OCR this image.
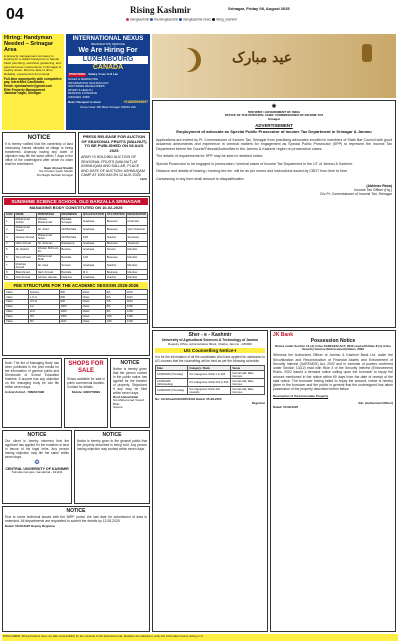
04	Rising Kashmir	Srinagar, Friday 08, August 2025
risingkashmir therisingkashmir risingkashmir.news rising_kashmir
Hiring: Handyman Needed – Srinagar Area
A property management company is looking for a skilled handyman to handle basic plumbing, electrical, gardening, and general house maintenance in Srinagar & nearby areas. Must be able to drive. Reliable, experienced & punctual.
Full-time opportunity with competitive pay. Interested Candidates
Email: epmkashmir@gmail.com
Elite Property Management
Jawahar nagar, Srinagar.
INTERNATIONAL NEXUS
IMMIGRATION SERVICE
We Are Hiring For
LUXEMBOURG
CANADA
POSITIONS	Salary 4 Lac to 8 Lac
SALES & MARKETING
INFORMATION TECHNOLOGY
SOFTWARE DEVELOPERS
SPORT & HEALTH
BANKING & FINANCE
AIRLINES JOBS
Note: Passport is must	+918899953697
Grover Near JSK Bank Srinagar 190001 J&K
عید مبارک
✺
भारत सरकार / GOVERNMENT OF INDIA
OFFICE OF THE PRINCIPAL CHIEF COMMISSIONER OF INCOME TAX
Srinagar
ADVERTISEMENT
Employment of advocate as Special Public Prosecutor of Income Tax Department in Srinagar & Jammu
Applications are invited by Pr. Commissioner of Income Tax, Srinagar from practicing advocates enrolled in members of State Bar Council with good academic antecedents and experience in criminal matters for engagement as Special Public Prosecutor (SPP) to represent the Income Tax Department before the Courts/Tribunal/Authorities in the Jammu & Kashmir region on prosecution cases.
The details of requirements for SPP may be seen in detailed notice.
Special Prosecutor to be engaged in prosecution / criminal cases of Income Tax Department in the UT of Jammu & Kashmir.
Distance and details of hearing / hearing fee etc. will be as per norms and instructions issued by CBDT from time to time.
Canvassing in any form shall amount to disqualification.
(Abhinav Rana)
Income Tax Officer (Hq.)
O/o Pr. Commissioner of Income Tax, Srinagar
NOTICE
It is hereby notified that the ownership of land measuring Kanals situated at village is being transferred. Anybody having any claim or objection may file the same within 7 days in the office of the undersigned after which no claim shall be entertained.
Nazir Ahmed Sheikh
S/o Ghulam Qadir Sheikh
R/o Baghi Mehtab Srinagar
PRESS RELEASE FOR AUCTION OF SEASONAL FRUITS (WALNUT) TO BE PUBLISHED ON 08 AUG 2025
ARMY IS HOLDING AUCTION OF SEASONAL FRUITS (WALNUT) AT ASHMUQAM AND SALLAR, PLACE AND DATE OF AUCTION: ASHMUQAM CAMP AT 1000 AM ON 12 AUG 2025.
112A
SUNSHINE SCIENCE SCHOOL OLD BARZALLA SRINAGAR
MANAGING BODY CONSTITUTED ON 10-02-2025
S.NO	NAME	PARENTAGE	RESIDENCE	QUALIFICATION	OCCUPATION	DESIGNATION
1	Mohammad Ashraf	Ghulam Mohammad	Barzalla Srinagar	Graduate	Business	Chairman
2	Mohammad Yousuf	Ab. Ahad	Old Barzalla	Graduate	Business	Vice Chairman
3	Ghulam Ahmad	Mohammad Akbar	Old Barzalla	10th	Teacher	Secretary
4	Nazir Ahmad	Ab. Rehman	Rawalpora	Graduate	Business	Treasurer
5	Ab. Rashid	Ghulam Mohi-ud-din	Bemina	Graduate	Service	Member
6	Tariq Ahmad	Mohammad Shafi	Barzalla	12th	Business	Member
7	Mushtaq Ahmad	Ab. Gani	Sonwar	Graduate	Teacher	Member
8	Bilal Ahmad	Nazir Ahmad	Barzalla	M.A	Business	Member
9	Irfan Ahmad	Ghulam Hassan	Natipora	Graduate	Teacher	Member
FEE STRUCTURE FOR THE ACADEMIC SESSION 2025-2026
Class	Nursery	800	Class	6th	1100
Class	L.K.G	800	Class	6th	1100
Class	U.K.G	900	Class	7th	1100
Class	1st	1000	Class	8th	1200
Class	2nd	1000	Class	9th	1200
Class	3rd	1000	Class	10th	1300
Class	5th	1100	Class	10th	1300
Note: The list of Managing Body has been published in the print media for the information of general public and Directorate of School Education Kashmir. If anyone has any objection on the managing body he can file within seven days.
Ashraf Ashraf - 7889617998
SHOPS FOR SALE
Shops available for sale in prime commercial location. Contact for details.
Mobile: 9906778899
NOTICE
Notice is hereby given that the person named in the public notice has applied for the transfer of property. Objections if any may be filed within seven days.
Rouf Ahmad Bhat
S/o Mohammad Yousuf Bhat
Sopore
NOTICE
Our client is hereby informed that the applicant has applied for the mutation of land in favour of his legal heirs. Any person having objection may file the same within seven days.
❂
CENTRAL UNIVERSITY OF KASHMIR
Tulmulla Campus, Ganderbal - 191131
NOTICE
Notice is hereby given to the general public that the property described is being sold. Any person having objection may contact within seven days.
NOTICE
Due to some technical issues with the NIRF portal, the last date for submission of data is extended. All departments are requested to submit the details by 12.08.2025.
Dated: 06.08.2025 Deputy Registrar
Sher - e - Kashmir
University of Agricultural Sciences & Technology of Jammu
Registry Office, Administrative Block, Chatha, Jammu - 180009
UG Counselling Notice-I
It is for the information of all the candidates who have applied for admission to UG courses that the counselling will be held as per the following schedule.
Date	Category / Rank	Venue
12/08/2025 (Tuesday)	UG Categories: Rank 1 to 200	Central Hall, Main Campus
13/08/2025 (Wednesday)	UG Categories: Rank 201 to 400	Central Hall, Main Campus
14/08/2025 (Thursday)	UG Categories: Rank 401 onwards	Central Hall, Main Campus
No: AUJ/Acad/UG/2025/1234 Dated: 05-08-2025
Registrar
JK Bank
Possession Notice
Notice under Section 13 (4) of the SARFAESI ACT, 2002 read with Rule 8 (1) of the Security Interest (Enforcement) Rules, 2002
Whereas the Authorized Officer of Jammu & Kashmir Bank Ltd. under the Securitization and Reconstruction of Financial Assets and Enforcement of Security Interest (SARFAESI) Act, 2002 and in exercise of powers conferred under Section 13(12) read with Rule 3 of the Security Interest (Enforcement) Rules, 2002 issued a demand notice calling upon the borrower to repay the amount mentioned in the notice within 60 days from the date of receipt of the said notice. The borrower having failed to repay the amount, notice is hereby given to the borrower and the public in general that the undersigned has taken possession of the property described herein below.
Description of the Immovable Property
Sd/- (Authorized Officer)
Dated: 05.08.2025
DISCLAIMER: Rising Kashmir does not take responsibility for the contents of the advertisements. Readers are advised to verify the information before acting on it.
